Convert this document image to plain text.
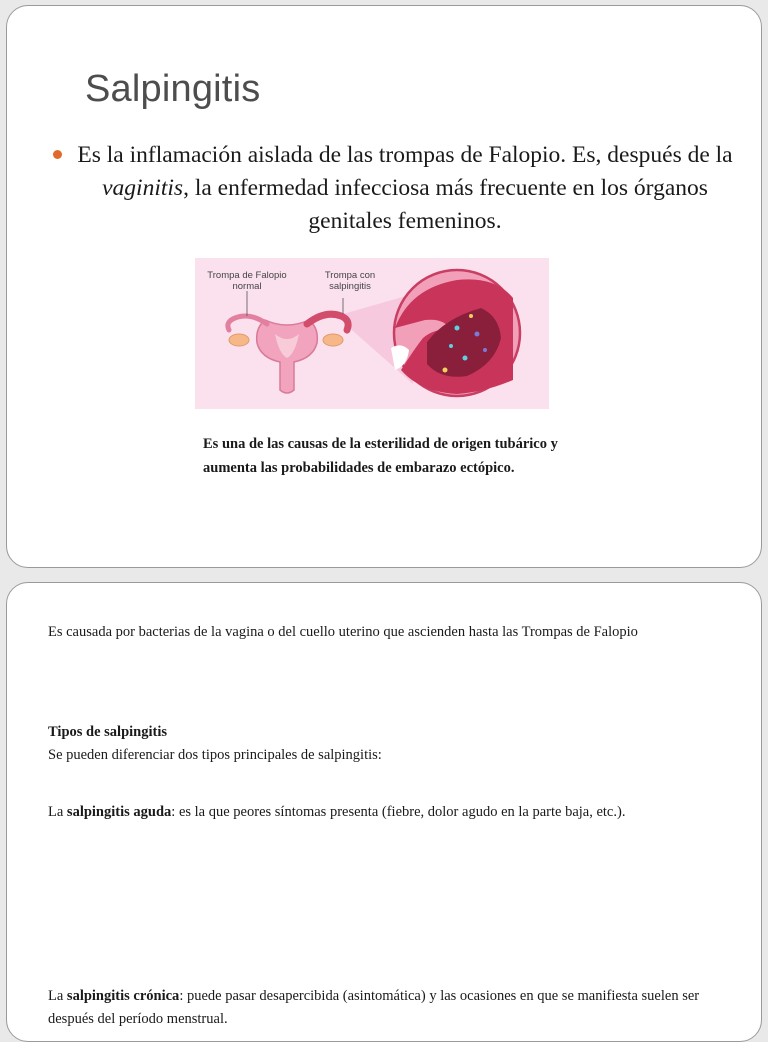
Salpingitis

Es la inflamación aislada de las trompas de Falopio. Es, después de la vaginitis, la enfermedad infecciosa más frecuente en los órganos genitales femeninos.

Trompa de Falopio
normal
Trompa con
salpingitis

Es una de las causas de la esterilidad de origen tubárico y aumenta las probabilidades de embarazo ectópico.

Es causada por bacterias de la vagina o del cuello uterino que ascienden hasta las Trompas de Falopio

Tipos de salpingitis

Se pueden diferenciar dos tipos principales de salpingitis:

La salpingitis aguda: es la que peores síntomas presenta (fiebre, dolor agudo en la parte baja, etc.).

La salpingitis crónica: puede pasar desapercibida (asintomática) y las ocasiones en que se manifiesta suelen ser después del período menstrual.
